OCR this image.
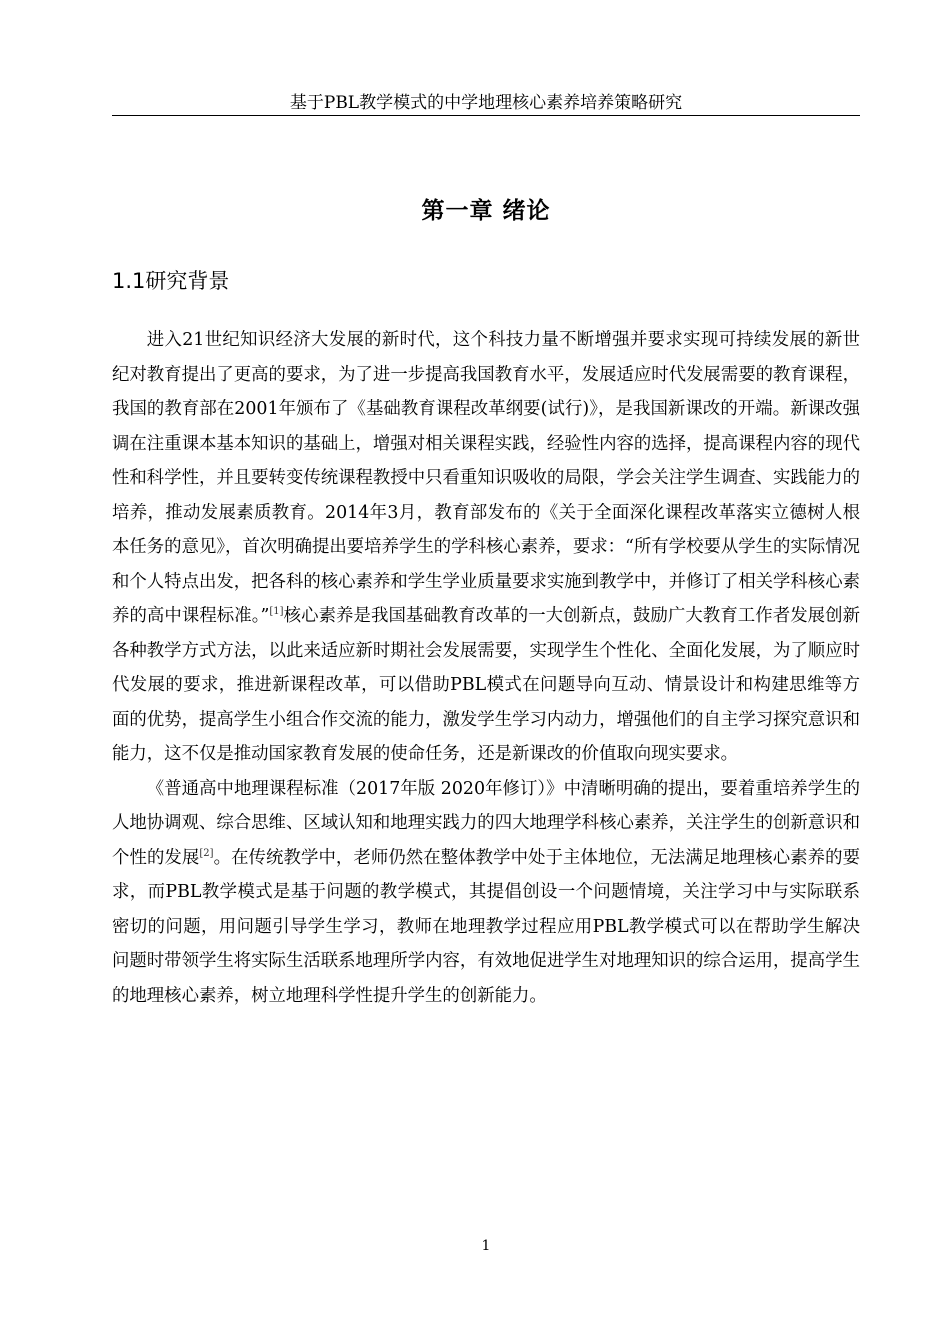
基于PBL教学模式的中学地理核心素养培养策略研究
第一章 绪论
1.1研究背景

进入21世纪知识经济大发展的新时代，这个科技力量不断增强并要求实现可持续发展的新世纪对教育提出了更高的要求，为了进一步提高我国教育水平，发展适应时代发展需要的教育课程，我国的教育部在2001年颁布了《基础教育课程改革纲要(试行)》，是我国新课改的开端。新课改强调在注重课本基本知识的基础上，增强对相关课程实践，经验性内容的选择，提高课程内容的现代性和科学性，并且要转变传统课程教授中只看重知识吸收的局限，学会关注学生调查、实践能力的培养，推动发展素质教育。2014年3月，教育部发布的《关于全面深化课程改革落实立德树人根本任务的意见》，首次明确提出要培养学生的学科核心素养，要求：“所有学校要从学生的实际情况和个人特点出发，把各科的核心素养和学生学业质量要求实施到教学中，并修订了相关学科核心素养的高中课程标准。”[1]核心素养是我国基础教育改革的一大创新点，鼓励广大教育工作者发展创新各种教学方式方法，以此来适应新时期社会发展需要，实现学生个性化、全面化发展，为了顺应时代发展的要求，推进新课程改革，可以借助PBL模式在问题导向互动、情景设计和构建思维等方面的优势，提高学生小组合作交流的能力，激发学生学习内动力，增强他们的自主学习探究意识和能力，这不仅是推动国家教育发展的使命任务，还是新课改的价值取向现实要求。

《普通高中地理课程标准（2017年版 2020年修订）》中清晰明确的提出，要着重培养学生的人地协调观、综合思维、区域认知和地理实践力的四大地理学科核心素养，关注学生的创新意识和个性的发展[2]。在传统教学中，老师仍然在整体教学中处于主体地位，无法满足地理核心素养的要求，而PBL教学模式是基于问题的教学模式，其提倡创设一个问题情境，关注学习中与实际联系密切的问题，用问题引导学生学习，教师在地理教学过程应用PBL教学模式可以在帮助学生解决问题时带领学生将实际生活联系地理所学内容，有效地促进学生对地理知识的综合运用，提高学生的地理核心素养，树立地理科学性提升学生的创新能力。

1
